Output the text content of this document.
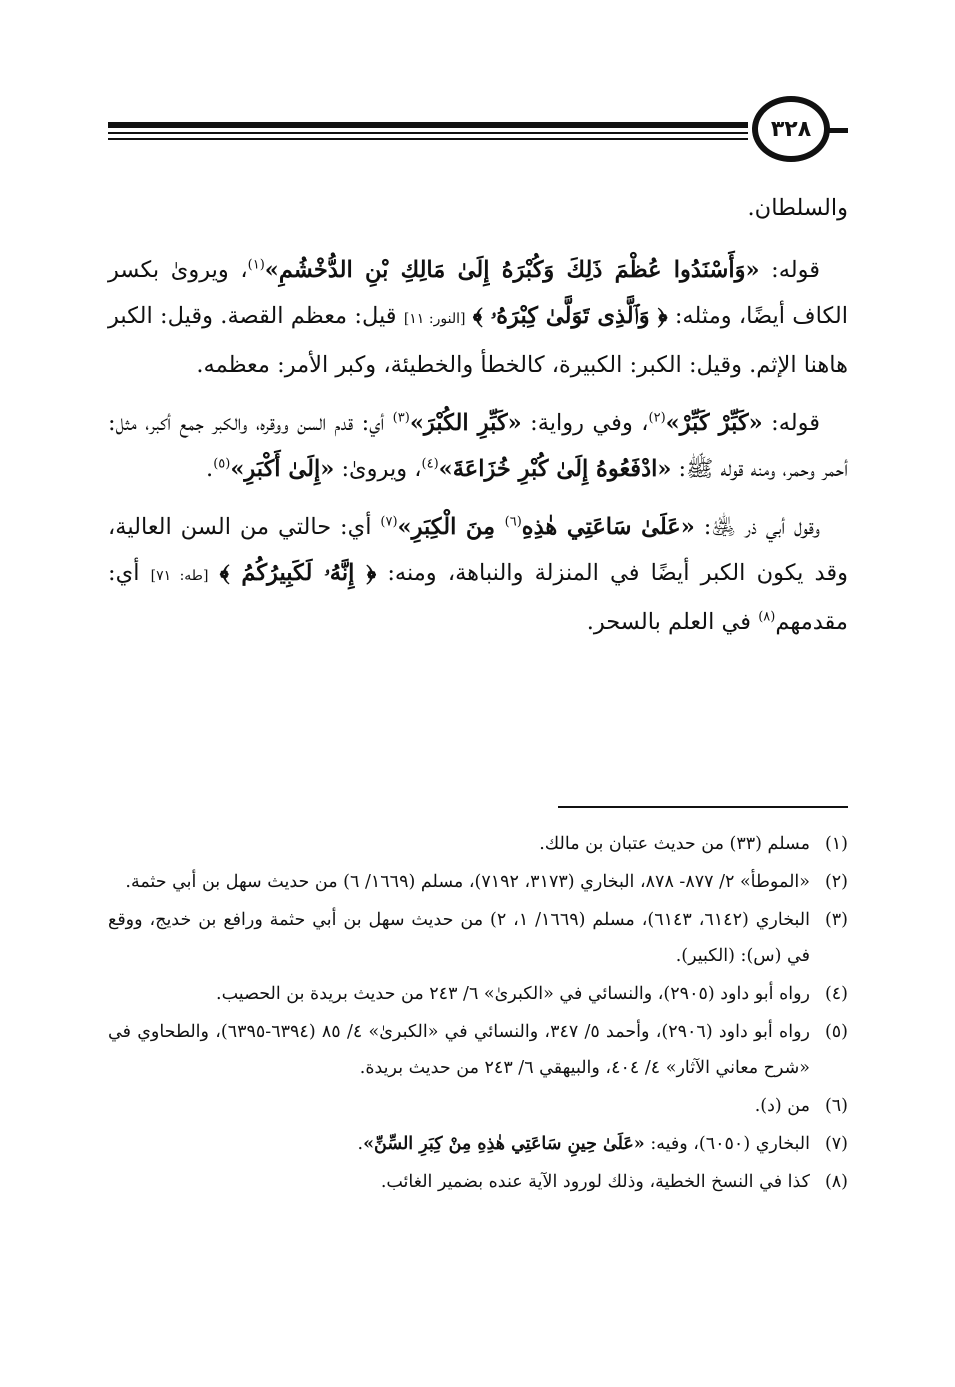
٣٢٨

والسلطان.

قوله: «وَأَسْنَدُوا عُظْمَ ذَلِكَ وَكُبْرَهُ إِلَىٰ مَالِكِ بْنِ الدُّخْشُمِ»$^{(١)}$، ويروىٰ بكسر الكاف أيضًا، ومثله: ﴿ وَٱلَّذِى تَوَلَّىٰ كِبْرَهُۥ ﴾ [النور: ١١] قيل: معظم القصة. وقيل: الكبر هاهنا الإثم. وقيل: الكبر: الكبيرة، كالخطأ والخطيئة، وكبر الأمر: معظمه.

قوله: «كَبِّرْ كَبِّرْ»$^{(٢)}$، وفي رواية: «كَبِّرِ الكُبْرَ»$^{(٣)}$ أي: قدم السن ووقره، والكبر جمع أكبر، مثل: أحمر وحمر، ومنه قوله ﷺ: «ادْفَعُوهُ إِلَىٰ كُبْرِ خُزَاعَةَ»$^{(٤)}$، ويروىٰ: «إِلَىٰ أَكْبَرِ»$^{(٥)}$.

وقول أبي ذر ﵁: «عَلَىٰ سَاعَتِي هٰذِهِ$^{(٦)}$ مِنَ الْكِبَرِ»$^{(٧)}$ أي: حالتي من السن العالية، وقد يكون الكبر أيضًا في المنزلة والنباهة، ومنه: ﴿ إِنَّهُۥ لَكَبِيرُكُمُ ﴾ [طه: ٧١] أي: مقدمهم$^{(٨)}$ في العلم بالسحر.

(١)
مسلم (٣٣) من حديث عتبان بن مالك.
(٢)
«الموطأ» ٢/ ٨٧٧- ٨٧٨، البخاري (٣١٧٣، ٧١٩٢)، مسلم (١٦٦٩/ ٦) من حديث سهل بن أبي حثمة.
(٣)
البخاري (٦١٤٢، ٦١٤٣)، مسلم (١٦٦٩/ ١، ٢) من حديث سهل بن أبي حثمة ورافع بن خديج، ووقع في (س): (الكبير).
(٤)
رواه أبو داود (٢٩٠٥)، والنسائي في «الكبرىٰ» ٦/ ٢٤٣ من حديث بريدة بن الحصيب.
(٥)
رواه أبو داود (٢٩٠٦)، وأحمد ٥/ ٣٤٧، والنسائي في «الكبرىٰ» ٤/ ٨٥ (٦٣٩٤-٦٣٩٥)، والطحاوي في «شرح معاني الآثار» ٤/ ٤٠٤، والبيهقي ٦/ ٢٤٣ من حديث بريدة.
(٦)
من (د).
(٧)
البخاري (٦٠٥٠)، وفيه: «عَلَىٰ حِينِ سَاعَتِي هٰذِهِ مِنْ كِبَرِ السِّنِّ».
(٨)
كذا في النسخ الخطية، وذلك لورود الآية عنده بضمير الغائب.
